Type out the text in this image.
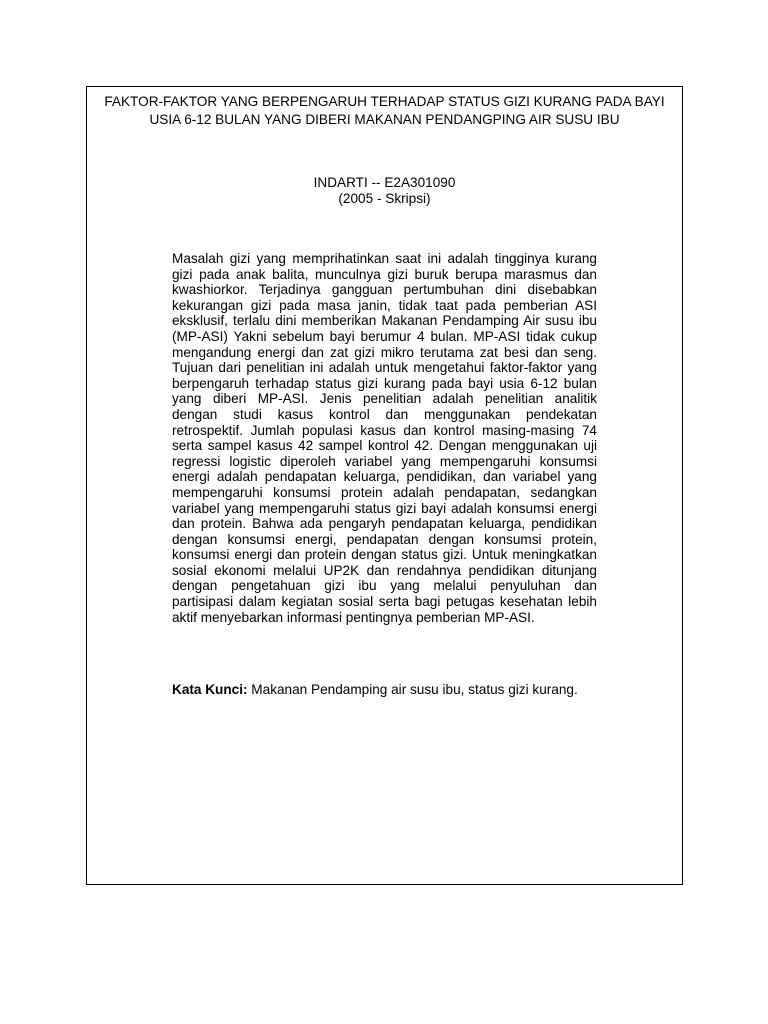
FAKTOR-FAKTOR YANG BERPENGARUH TERHADAP STATUS GIZI KURANG PADA BAYI
USIA 6-12 BULAN YANG DIBERI MAKANAN PENDANGPING AIR SUSU IBU
INDARTI -- E2A301090
(2005 - Skripsi)
Masalah gizi yang memprihatinkan saat ini adalah tingginya kurang
gizi pada anak balita, munculnya gizi buruk berupa marasmus dan
kwashiorkor. Terjadinya gangguan pertumbuhan dini disebabkan
kekurangan gizi pada masa janin, tidak taat pada pemberian ASI
eksklusif, terlalu dini memberikan Makanan Pendamping Air susu ibu
(MP-ASI) Yakni sebelum bayi berumur 4 bulan. MP-ASI tidak cukup
mengandung energi dan zat gizi mikro terutama zat besi dan seng.
Tujuan dari penelitian ini adalah untuk mengetahui faktor-faktor yang
berpengaruh terhadap status gizi kurang pada bayi usia 6-12 bulan
yang diberi MP-ASI. Jenis penelitian adalah penelitian analitik
dengan studi kasus kontrol dan menggunakan pendekatan
retrospektif. Jumlah populasi kasus dan kontrol masing-masing 74
serta sampel kasus 42 sampel kontrol 42. Dengan menggunakan uji
regressi logistic diperoleh variabel yang mempengaruhi konsumsi
energi adalah pendapatan keluarga, pendidikan, dan variabel yang
mempengaruhi konsumsi protein adalah pendapatan, sedangkan
variabel yang mempengaruhi status gizi bayi adalah konsumsi energi
dan protein. Bahwa ada pengaryh pendapatan keluarga, pendidikan
dengan konsumsi energi, pendapatan dengan konsumsi protein,
konsumsi energi dan protein dengan status gizi. Untuk meningkatkan
sosial ekonomi melalui UP2K dan rendahnya pendidikan ditunjang
dengan pengetahuan gizi ibu yang melalui penyuluhan dan
partisipasi dalam kegiatan sosial serta bagi petugas kesehatan lebih
aktif menyebarkan informasi pentingnya pemberian MP-ASI.
Kata Kunci: Makanan Pendamping air susu ibu, status gizi kurang.
